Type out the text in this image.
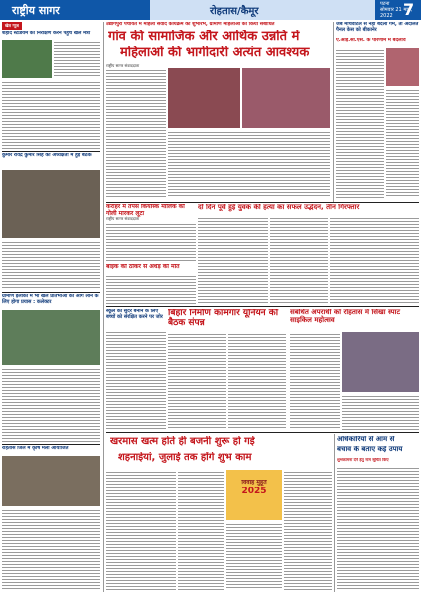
राष्ट्रीय सागर	रोहतास/कैमूर
पटना
सोमवार 21 मार्च, 2022 7
खेल न्यूज
शहीद स्टेडियम का निरीक्षण करने पहुंचे खेल मंत्री
कुमार रविंद्र कुमार सिंह की अध्यक्षता में हुई बैठक
ग्रामीण इलाकों में भी खेल प्रतिभाओं को आगे लाने के लिए होगा प्रयास : कलेक्टर
रोहतास जिले में कृषि मेला आयोजित
उद्योगपुरा पंचायत में महिला संवाद कार्यक्रम का शुभारंभ, ग्रामीण महिलाओं को किया संबोधित
गांव की सामाजिक और आर्थिक उन्नति में
महिलाओं की भागीदारी अत्यंत आवश्यक
राष्ट्रीय सागर संवाददाता
जब माचवाटल से नहीं बदला गेम, तो अदालत पैनल केस को बीकानेर
ए.आई.सी.एस. के परिणाम में बदलाव
कराहर में तपस कियोस्क मालिक को गोली मारकर लूटा
दो दिन पूर्व हुई युवक की हत्या का सफल उद्भेदन, तीन गिरफ्तार
राष्ट्रीय सागर संवाददाता
बाइक की ठोकर से अधेड़ की मौत
स्कूल को सुंदर बनाने के लिए बच्चों को संरक्षित करने पर जोर बिहार निर्माण कामगार यूनियन की बैठक संपन्न
संबंधित अपराधी को रोहतास में सिखा स्पाट साइकिल महोत्सव
खरमास खत्म होते ही बजनी शुरू हो गई
शहनाईयां, जुलाई तक होंगे शुभ काम
विवाह मुहूर्त
2025
अधिकारियों से आम से
बचाव के बताए कई उपाय
शुभकामना देने हेतु नाम सूचित किए
